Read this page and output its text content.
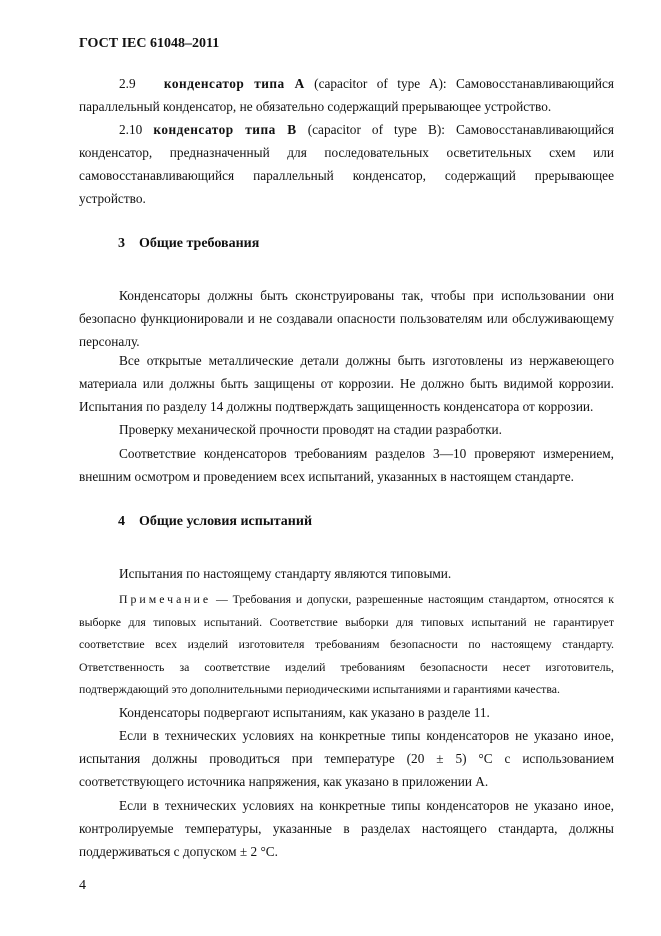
ГОСТ IEC 61048–2011

2.9 конденсатор типа А (capacitor of type A): Самовосстанавливающийся параллельный конденсатор, не обязательно содержащий прерывающее устройство.

2.10 конденсатор типа В (capacitor of type B): Самовосстанавливающийся конденсатор, предназначенный для последовательных осветительных схем или самовосстанавливающийся параллельный конденсатор, содержащий прерывающее устройство.

3 Общие требования

Конденсаторы должны быть сконструированы так, чтобы при использовании они безопасно функционировали и не создавали опасности пользователям или обслуживающему персоналу.

Все открытые металлические детали должны быть изготовлены из нержавеющего материала или должны быть защищены от коррозии. Не должно быть видимой коррозии. Испытания по разделу 14 должны подтверждать защищенность конденсатора от коррозии.

Проверку механической прочности проводят на стадии разработки.

Соответствие конденсаторов требованиям разделов 3—10 проверяют измерением, внешним осмотром и проведением всех испытаний, указанных в настоящем стандарте.

4 Общие условия испытаний

Испытания по настоящему стандарту являются типовыми.

Примечание — Требования и допуски, разрешенные настоящим стандартом, относятся к выборке для типовых испытаний. Соответствие выборки для типовых испытаний не гарантирует соответствие всех изделий изготовителя требованиям безопасности по настоящему стандарту. Ответственность за соответствие изделий требованиям безопасности несет изготовитель, подтверждающий это дополнительными периодическими испытаниями и гарантиями качества.

Конденсаторы подвергают испытаниям, как указано в разделе 11.

Если в технических условиях на конкретные типы конденсаторов не указано иное, испытания должны проводиться при температуре (20 ± 5) °С с использованием соответствующего источника напряжения, как указано в приложении А.

Если в технических условиях на конкретные типы конденсаторов не указано иное, контролируемые температуры, указанные в разделах настоящего стандарта, должны поддерживаться с допуском ± 2 °С.

4
